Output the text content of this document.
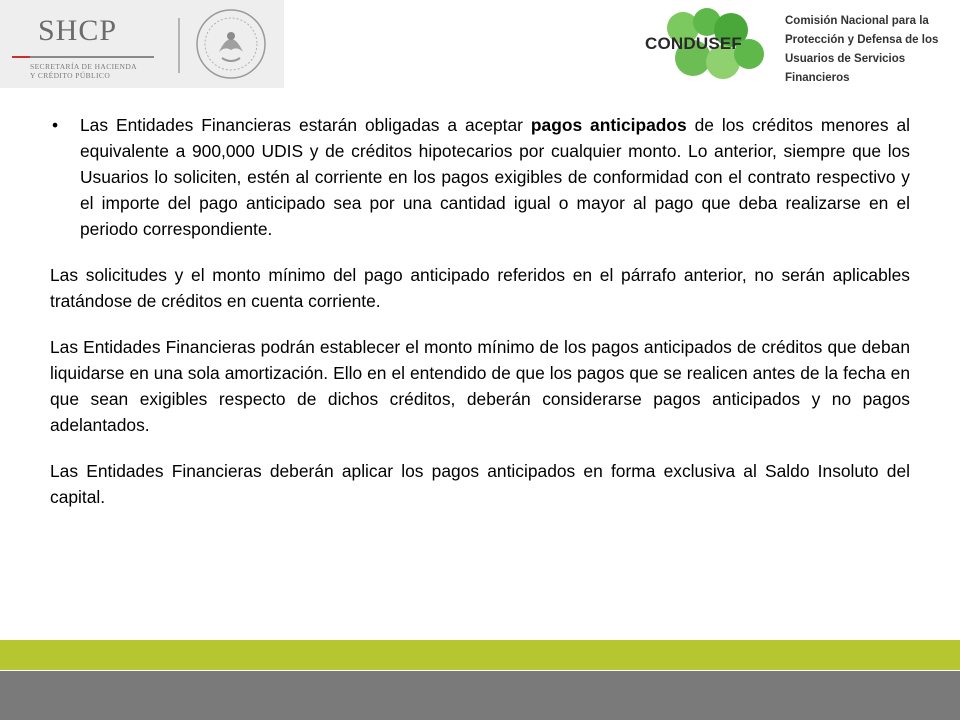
SHCP
SECRETARÍA DE HACIENDA
Y CRÉDITO PÚBLICO
CONDUSEF
Comisión Nacional para la
Protección y Defensa de los
Usuarios de Servicios Financieros
• Las Entidades Financieras estarán obligadas a aceptar pagos anticipados de los créditos menores al equivalente a 900,000 UDIS y de créditos hipotecarios por cualquier monto. Lo anterior, siempre que los Usuarios lo soliciten, estén al corriente en los pagos exigibles de conformidad con el contrato respectivo y el importe del pago anticipado sea por una cantidad igual o mayor al pago que deba realizarse en el periodo correspondiente.

Las solicitudes y el monto mínimo del pago anticipado referidos en el párrafo anterior, no serán aplicables tratándose de créditos en cuenta corriente.

Las Entidades Financieras podrán establecer el monto mínimo de los pagos anticipados de créditos que deban liquidarse en una sola amortización. Ello en el entendido de que los pagos que se realicen antes de la fecha en que sean exigibles respecto de dichos créditos, deberán considerarse pagos anticipados y no pagos adelantados.

Las Entidades Financieras deberán aplicar los pagos anticipados en forma exclusiva al Saldo Insoluto del capital.
